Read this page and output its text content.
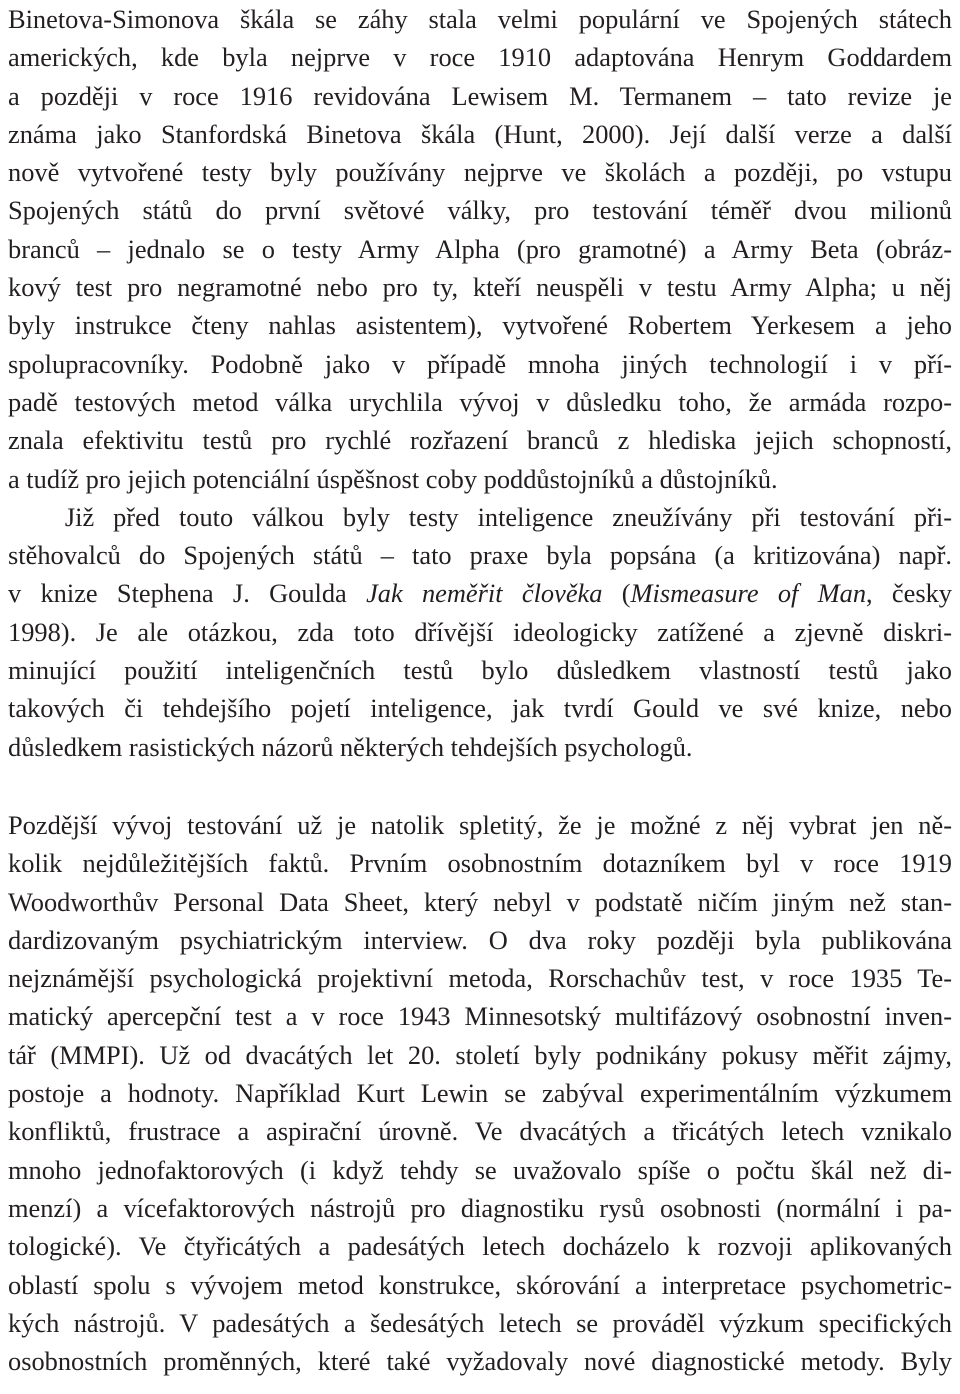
Binetova-Simonova škála se záhy stala velmi populární ve Spojených státech
amerických, kde byla nejprve v roce 1910 adaptována Henrym Goddardem
a později v roce 1916 revidována Lewisem M. Termanem – tato revize je
známa jako Stanfordská Binetova škála (Hunt, 2000). Její další verze a další
nově vytvořené testy byly používány nejprve ve školách a později, po vstupu
Spojených států do první světové války, pro testování téměř dvou milionů
branců – jednalo se o testy Army Alpha (pro gramotné) a Army Beta (obráz-
kový test pro negramotné nebo pro ty, kteří neuspěli v testu Army Alpha; u něj
byly instrukce čteny nahlas asistentem), vytvořené Robertem Yerkesem a jeho
spolupracovníky. Podobně jako v případě mnoha jiných technologií i v pří-
padě testových metod válka urychlila vývoj v důsledku toho, že armáda rozpo-
znala efektivitu testů pro rychlé rozřazení branců z hlediska jejich schopností,
a tudíž pro jejich potenciální úspěšnost coby poddůstojníků a důstojníků.
Již před touto válkou byly testy inteligence zneužívány při testování při-
stěhovalců do Spojených států – tato praxe byla popsána (a kritizována) např.
v knize Stephena J. Goulda Jak neměřit člověka (Mismeasure of Man, česky
1998). Je ale otázkou, zda toto dřívější ideologicky zatížené a zjevně diskri-
minující použití inteligenčních testů bylo důsledkem vlastností testů jako
takových či tehdejšího pojetí inteligence, jak tvrdí Gould ve své knize, nebo
důsledkem rasistických názorů některých tehdejších psychologů.
Pozdější vývoj testování už je natolik spletitý, že je možné z něj vybrat jen ně-
kolik nejdůležitějších faktů. Prvním osobnostním dotazníkem byl v roce 1919
Woodworthův Personal Data Sheet, který nebyl v podstatě ničím jiným než stan-
dardizovaným psychiatrickým interview. O dva roky později byla publikována
nejznámější psychologická projektivní metoda, Rorschachův test, v roce 1935 Te-
matický apercepční test a v roce 1943 Minnesotský multifázový osobnostní inven-
tář (MMPI). Už od dvacátých let 20. století byly podnikány pokusy měřit zájmy,
postoje a hodnoty. Například Kurt Lewin se zabýval experimentálním výzkumem
konfliktů, frustrace a aspirační úrovně. Ve dvacátých a třicátých letech vznikalo
mnoho jednofaktorových (i když tehdy se uvažovalo spíše o počtu škál než di-
menzí) a vícefaktorových nástrojů pro diagnostiku rysů osobnosti (normální i pa-
tologické). Ve čtyřicátých a padesátých letech docházelo k rozvoji aplikovaných
oblastí spolu s vývojem metod konstrukce, skórování a interpretace psychometric-
kých nástrojů. V padesátých a šedesátých letech se prováděl výzkum specifických
osobnostních proměnných, které také vyžadovaly nové diagnostické metody. Byly
